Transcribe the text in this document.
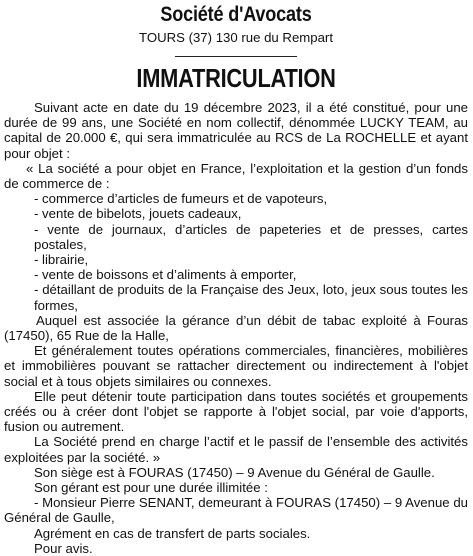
Société d'Avocats
TOURS (37) 130 rue du Rempart
IMMATRICULATION

Suivant acte en date du 19 décembre 2023, il a été constitué, pour une durée de 99 ans, une Société en nom collectif, dénommée LUCKY TEAM, au capital de 20.000 €, qui sera immatriculée au RCS de La ROCHELLE et ayant pour objet :

« La société a pour objet en France, l’exploitation et la gestion d’un fonds de commerce de :

- commerce d’articles de fumeurs et de vapoteurs,

- vente de bibelots, jouets cadeaux,

- vente de journaux, d’articles de papeteries et de presses, cartes postales,

- librairie,

- vente de boissons et d’aliments à emporter,

- détaillant de produits de la Française des Jeux, loto, jeux sous toutes les formes,

Auquel est associée la gérance d’un débit de tabac exploité à Fouras (17450), 65 Rue de la Halle,

Et généralement toutes opérations commerciales, financières, mobilières et immobilières pouvant se rattacher directement ou indirectement à l'objet social et à tous objets similaires ou connexes.

Elle peut détenir toute participation dans toutes sociétés et groupements créés ou à créer dont l'objet se rapporte à l'objet social, par voie d'apports, fusion ou autrement.

La Société prend en charge l’actif et le passif de l’ensemble des activités exploitées par la société. »

Son siège est à FOURAS (17450) – 9 Avenue du Général de Gaulle.

Son gérant est pour une durée illimitée :

- Monsieur Pierre SENANT, demeurant à FOURAS (17450) – 9 Avenue du Général de Gaulle,

Agrément en cas de transfert de parts sociales.

Pour avis.
